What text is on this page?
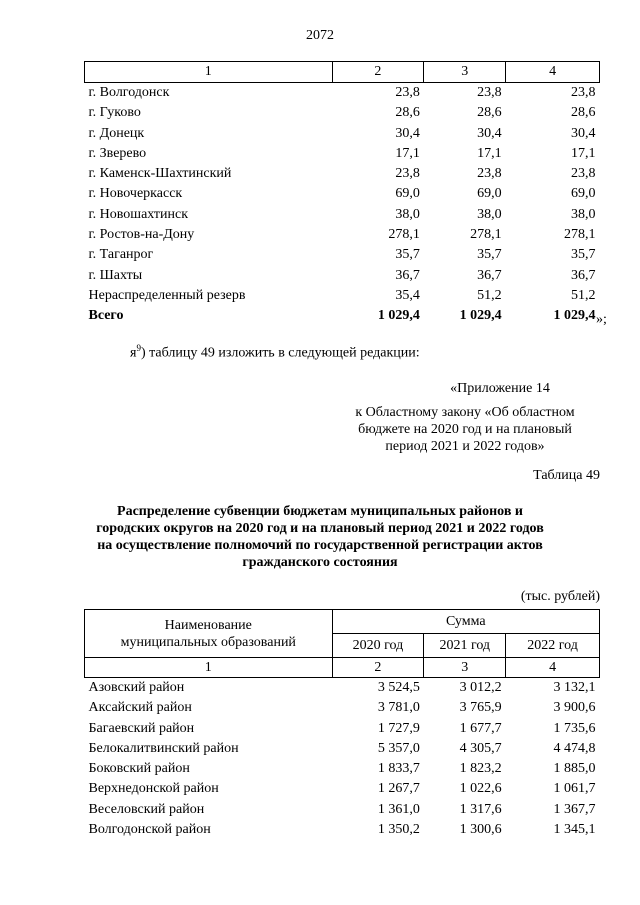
2072
1	2	3	4
г. Волгодонск	23,8	23,8	23,8
г. Гуково	28,6	28,6	28,6
г. Донецк	30,4	30,4	30,4
г. Зверево	17,1	17,1	17,1
г. Каменск-Шахтинский	23,8	23,8	23,8
г. Новочеркасск	69,0	69,0	69,0
г. Новошахтинск	38,0	38,0	38,0
г. Ростов-на-Дону	278,1	278,1	278,1
г. Таганрог	35,7	35,7	35,7
г. Шахты	36,7	36,7	36,7
Нераспределенный резерв	35,4	51,2	51,2
Всего	1 029,4	1 029,4	1 029,4 »;
$я^9$) таблицу 49 изложить в следующей редакции:
«Приложение 14
к Областному закону «Об областном
бюджете на 2020 год и на плановый
период 2021 и 2022 годов»
Таблица 49
Распределение субвенции бюджетам муниципальных районов и
городских округов на 2020 год и на плановый период 2021 и 2022 годов
на осуществление полномочий по государственной регистрации актов
гражданского состояния
(тыс. рублей)
Наименование
муниципальных образований	Сумма		
	2020 год	2021 год	2022 год
1	2	3	4
Азовский район	3 524,5	3 012,2	3 132,1
Аксайский район	3 781,0	3 765,9	3 900,6
Багаевский район	1 727,9	1 677,7	1 735,6
Белокалитвинский район	5 357,0	4 305,7	4 474,8
Боковский район	1 833,7	1 823,2	1 885,0
Верхнедонской район	1 267,7	1 022,6	1 061,7
Веселовский район	1 361,0	1 317,6	1 367,7
Волгодонской район	1 350,2	1 300,6	1 345,1
